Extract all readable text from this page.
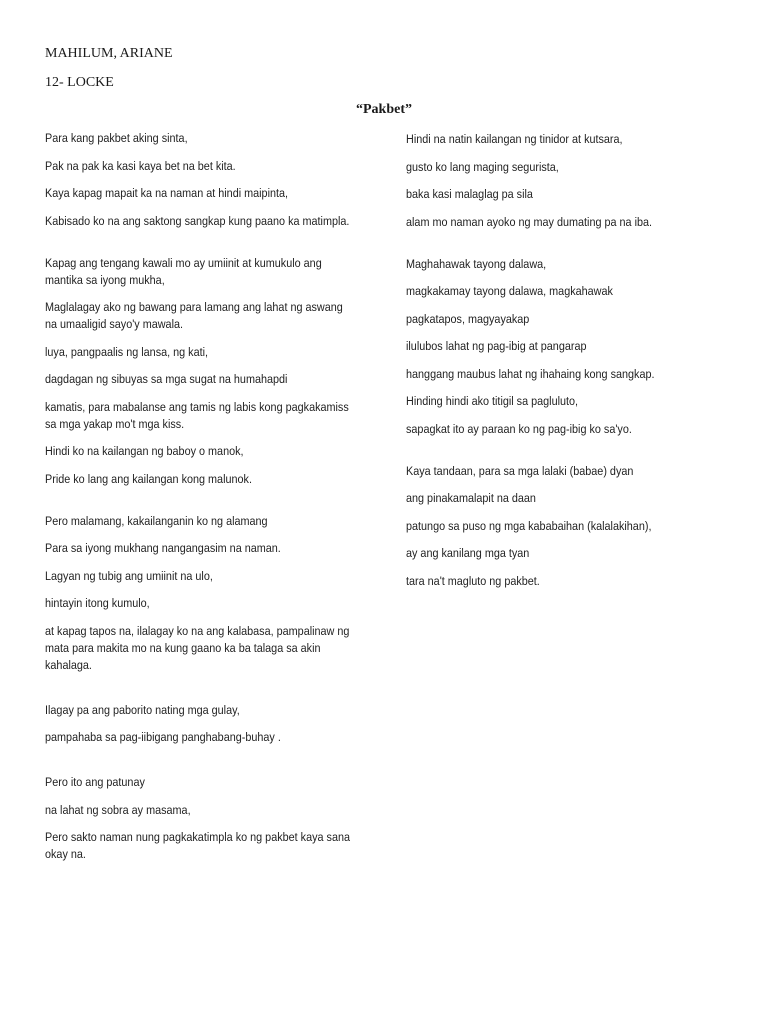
MAHILUM, ARIANE
12- LOCKE
“Pakbet”

Para kang pakbet aking sinta,

Pak na pak ka kasi kaya bet na bet kita.

Kaya kapag mapait ka na naman at hindi maipinta,

Kabisado ko na ang saktong sangkap kung paano ka matimpla.

Kapag ang tengang kawali mo ay umiinit at kumukulo ang mantika sa iyong mukha,

Maglalagay ako ng bawang para lamang ang lahat ng aswang na umaaligid sayo'y mawala.

luya, pangpaalis ng lansa, ng kati,

dagdagan ng sibuyas sa mga sugat na humahapdi

kamatis, para mabalanse ang tamis ng labis kong pagkakamiss sa mga yakap mo't mga kiss.

Hindi ko na kailangan ng baboy o manok,

Pride ko lang ang kailangan kong malunok.

Pero malamang, kakailanganin ko ng alamang

Para sa iyong mukhang nangangasim na naman.

Lagyan ng tubig ang umiinit na ulo,

hintayin itong kumulo,

at kapag tapos na, ilalagay ko na ang kalabasa, pampalinaw ng mata para makita mo na kung gaano ka ba talaga sa akin kahalaga.

Ilagay pa ang paborito nating mga gulay,

pampahaba sa pag-iibigang panghabang-buhay .

Pero ito ang patunay

na lahat ng sobra ay masama,

Pero sakto naman nung pagkakatimpla ko ng pakbet kaya sana okay na.

Hindi na natin kailangan ng tinidor at kutsara,

gusto ko lang maging segurista,

baka kasi malaglag pa sila

alam mo naman ayoko ng may dumating pa na iba.

Maghahawak tayong dalawa,

magkakamay tayong dalawa, magkahawak

pagkatapos, magyayakap

ilulubos lahat ng pag-ibig at pangarap

hanggang maubus lahat ng ihahaing kong sangkap.

Hinding hindi ako titigil sa pagluluto,

sapagkat ito ay paraan ko ng pag-ibig ko sa'yo.

Kaya tandaan, para sa mga lalaki (babae) dyan

ang pinakamalapit na daan

patungo sa puso ng mga kababaihan (kalalakihan),

ay ang kanilang mga tyan

tara na't magluto ng pakbet.
